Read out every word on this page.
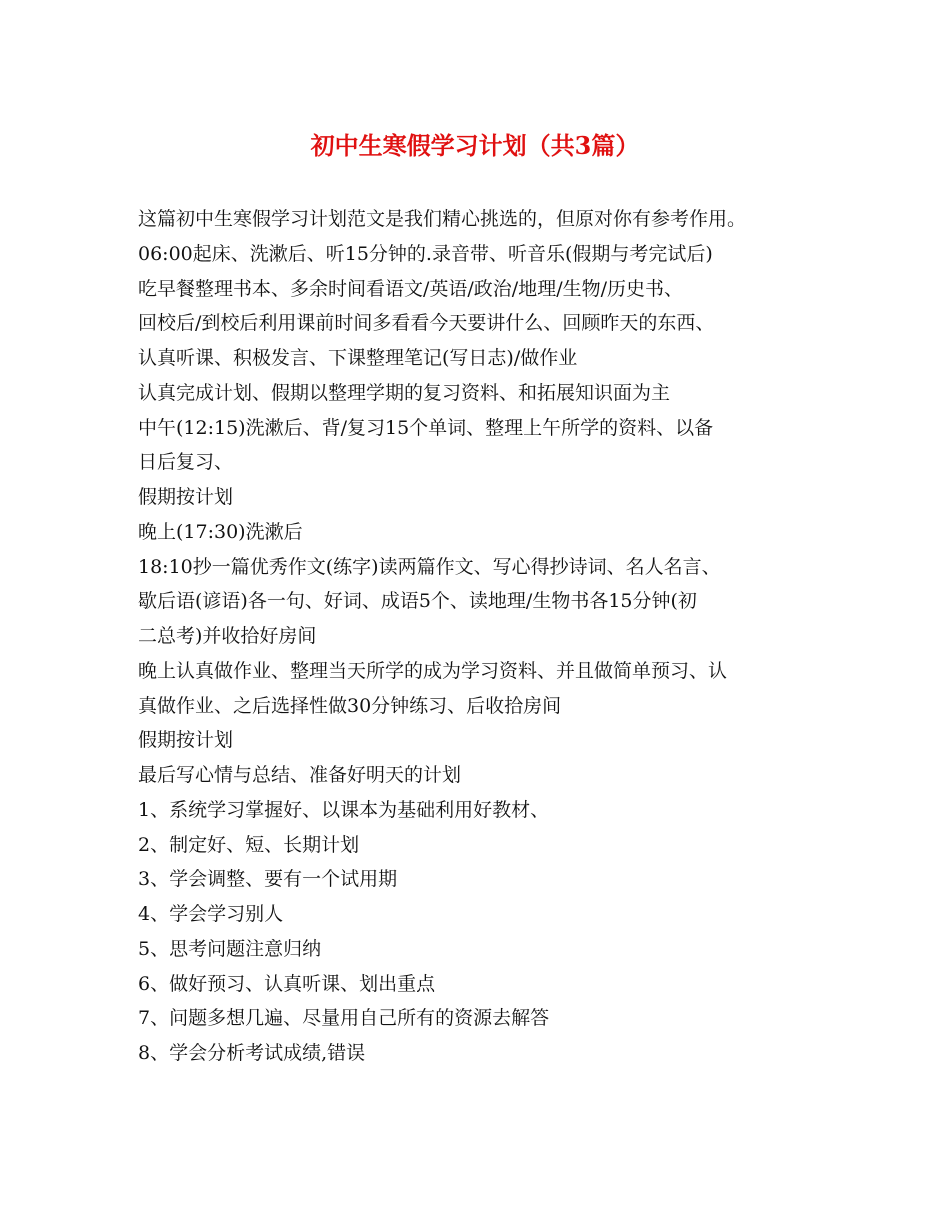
初中生寒假学习计划（共3篇）

这篇初中生寒假学习计划范文是我们精心挑选的，但原对你有参考作用。

06:00起床、洗漱后、听15分钟的.录音带、听音乐(假期与考完试后)

吃早餐整理书本、多余时间看语文/英语/政治/地理/生物/历史书、

回校后/到校后利用课前时间多看看今天要讲什么、回顾昨天的东西、

认真听课、积极发言、下课整理笔记(写日志)/做作业

认真完成计划、假期以整理学期的复习资料、和拓展知识面为主

中午(12:15)洗漱后、背/复习15个单词、整理上午所学的资料、以备

日后复习、

假期按计划

晚上(17:30)洗漱后

18:10抄一篇优秀作文(练字)读两篇作文、写心得抄诗词、名人名言、

歇后语(谚语)各一句、好词、成语5个、读地理/生物书各15分钟(初

二总考)并收拾好房间

晚上认真做作业、整理当天所学的成为学习资料、并且做简单预习、认

真做作业、之后选择性做30分钟练习、后收拾房间

假期按计划

最后写心情与总结、准备好明天的计划

1、系统学习掌握好、以课本为基础利用好教材、

2、制定好、短、长期计划

3、学会调整、要有一个试用期

4、学会学习别人

5、思考问题注意归纳

6、做好预习、认真听课、划出重点

7、问题多想几遍、尽量用自己所有的资源去解答

8、学会分析考试成绩,错误
